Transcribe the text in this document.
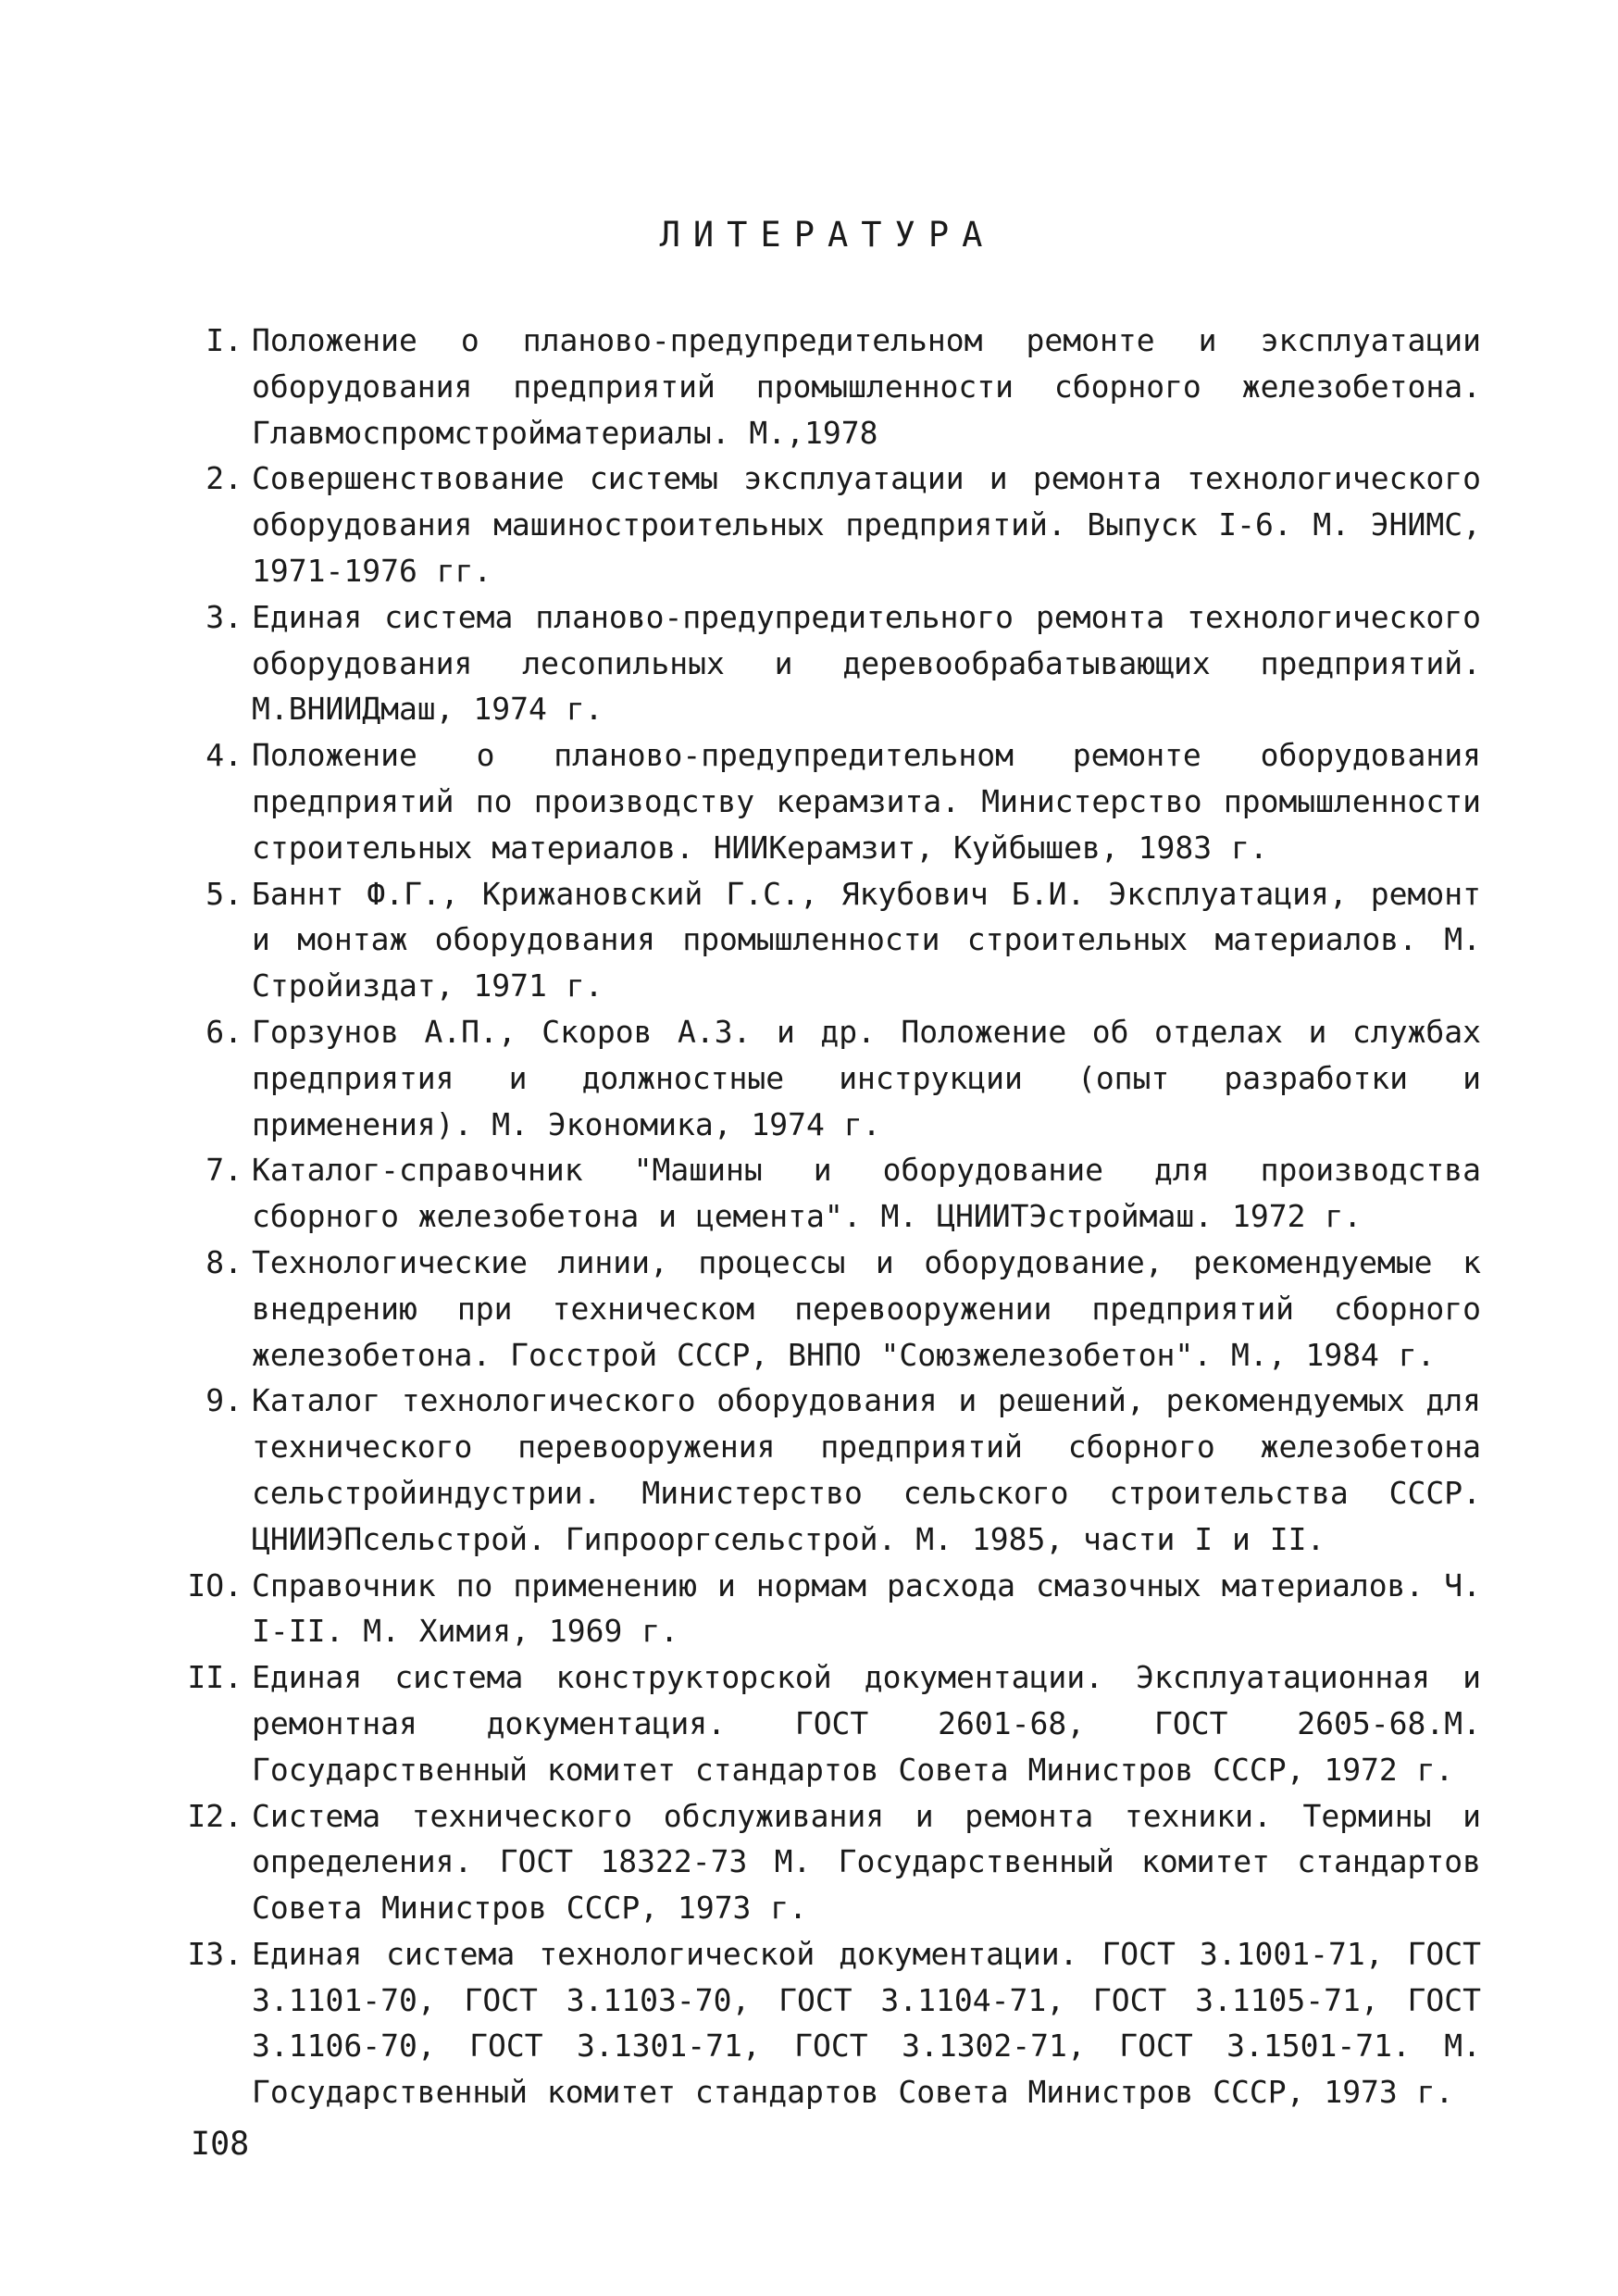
ЛИТЕРАТУРА
I. Положение о планово-предупредительном ремонте и эксплуатации оборудования предприятий промышленности сборного железобетона. Главмоспромстройматериалы. М.,1978
2. Совершенствование системы эксплуатации и ремонта технологического оборудования машиностроительных предприятий. Выпуск I-6. М. ЭНИМС, 1971-1976 гг.
3. Единая система планово-предупредительного ремонта технологического оборудования лесопильных и деревообрабатывающих предприятий. М.ВНИИДмаш, 1974 г.
4. Положение о планово-предупредительном ремонте оборудования предприятий по производству керамзита. Министерство промышленности строительных материалов. НИИКерамзит, Куйбышев, 1983 г.
5. Баннт Ф.Г., Крижановский Г.С., Якубович Б.И. Эксплуатация, ремонт и монтаж оборудования промышленности строительных материалов. М. Стройиздат, 1971 г.
6. Горзунов А.П., Скоров А.З. и др. Положение об отделах и службах предприятия и должностные инструкции (опыт разработки и применения). М. Экономика, 1974 г.
7. Каталог-справочник "Машины и оборудование для производства сборного железобетона и цемента". М. ЦНИИТЭстроймаш. 1972 г.
8. Технологические линии, процессы и оборудование, рекомендуемые к внедрению при техническом перевооружении предприятий сборного железобетона. Госстрой СССР, ВНПО "Союзжелезобетон". М., 1984 г.
9. Каталог технологического оборудования и решений, рекомендуемых для технического перевооружения предприятий сборного железобетона сельстройиндустрии. Министерство сельского строительства СССР. ЦНИИЭПсельстрой. Гипрооргсельстрой. М. 1985, части I и II.
IO. Справочник по применению и нормам расхода смазочных материалов. Ч. I-II. М. Химия, 1969 г.
II. Единая система конструкторской документации. Эксплуатационная и ремонтная документация. ГОСТ 2601-68, ГОСТ 2605-68.М. Государственный комитет стандартов Совета Министров СССР, 1972 г.
I2. Система технического обслуживания и ремонта техники. Термины и определения. ГОСТ 18322-73 М. Государственный комитет стандартов Совета Министров СССР, 1973 г.
I3. Единая система технологической документации. ГОСТ 3.1001-71, ГОСТ 3.1101-70, ГОСТ 3.1103-70, ГОСТ 3.1104-71, ГОСТ 3.1105-71, ГОСТ 3.1106-70, ГОСТ 3.1301-71, ГОСТ 3.1302-71, ГОСТ 3.1501-71. М. Государственный комитет стандартов Совета Министров СССР, 1973 г.
I08
